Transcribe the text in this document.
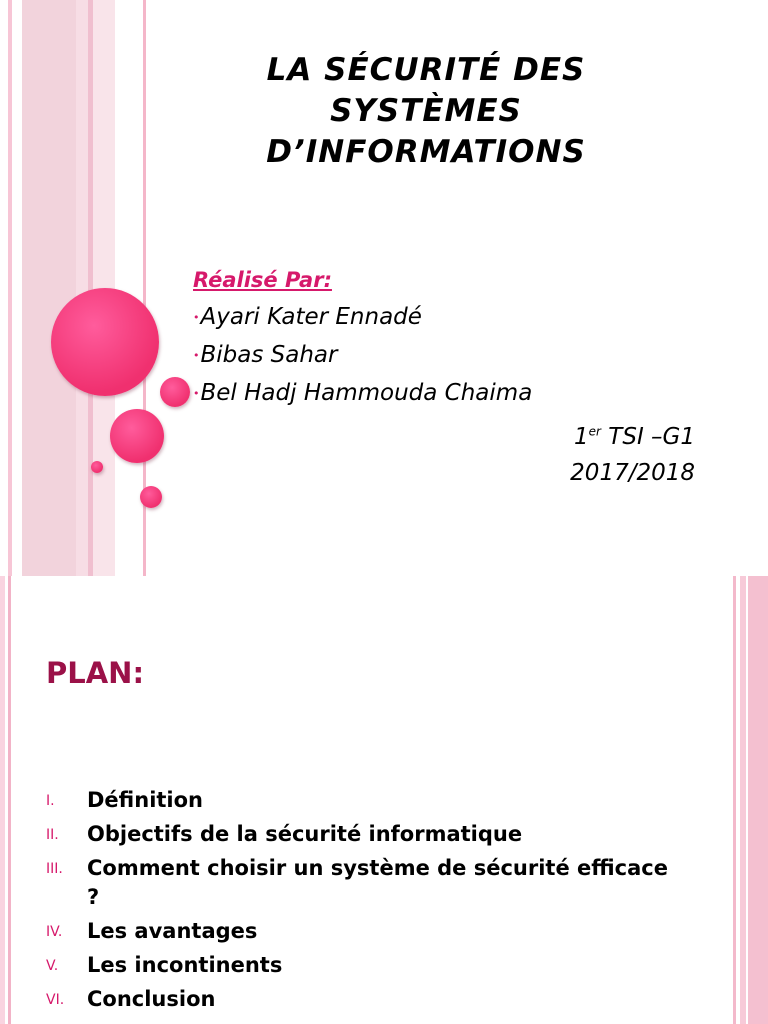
LA SÉCURITÉ DES
SYSTÈMES
D’INFORMATIONS
Réalisé Par:
•Ayari Kater Ennadé
•Bibas Sahar
•Bel Hadj Hammouda Chaima
1er TSI –G1
2017/2018
PLAN:
I. Définition
II. Objectifs de la sécurité informatique
III. Comment choisir un système de sécurité efficace ?
IV. Les avantages
V. Les incontinents
VI. Conclusion
